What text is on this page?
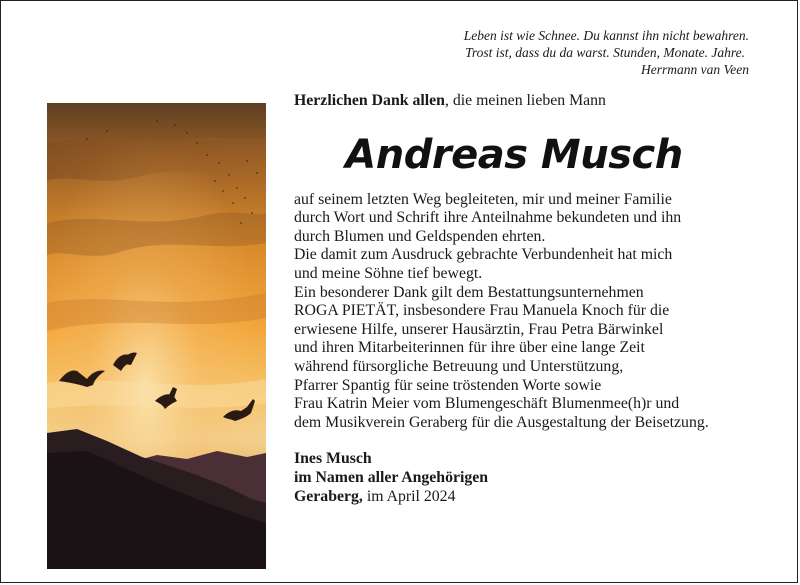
Leben ist wie Schnee. Du kannst ihn nicht bewahren.
Trost ist, dass du da warst. Stunden, Monate. Jahre.
Herrmann van Veen

Herzlichen Dank allen, die meinen lieben Mann

Andreas Musch

auf seinem letzten Weg begleiteten, mir und meiner Familie

durch Wort und Schrift ihre Anteilnahme bekundeten und ihn

durch Blumen und Geldspenden ehrten.

Die damit zum Ausdruck gebrachte Verbundenheit hat mich

und meine Söhne tief bewegt.

Ein besonderer Dank gilt dem Bestattungsunternehmen

ROGA PIETÄT, insbesondere Frau Manuela Knoch für die

erwiesene Hilfe, unserer Hausärztin, Frau Petra Bärwinkel

und ihren Mitarbeiterinnen für ihre über eine lange Zeit

während fürsorgliche Betreuung und Unterstützung,

Pfarrer Spantig für seine tröstenden Worte sowie

Frau Katrin Meier vom Blumengeschäft Blumenmee(h)r und

dem Musikverein Geraberg für die Ausgestaltung der Beisetzung.

Ines Musch
im Namen aller Angehörigen

Geraberg, im April 2024
